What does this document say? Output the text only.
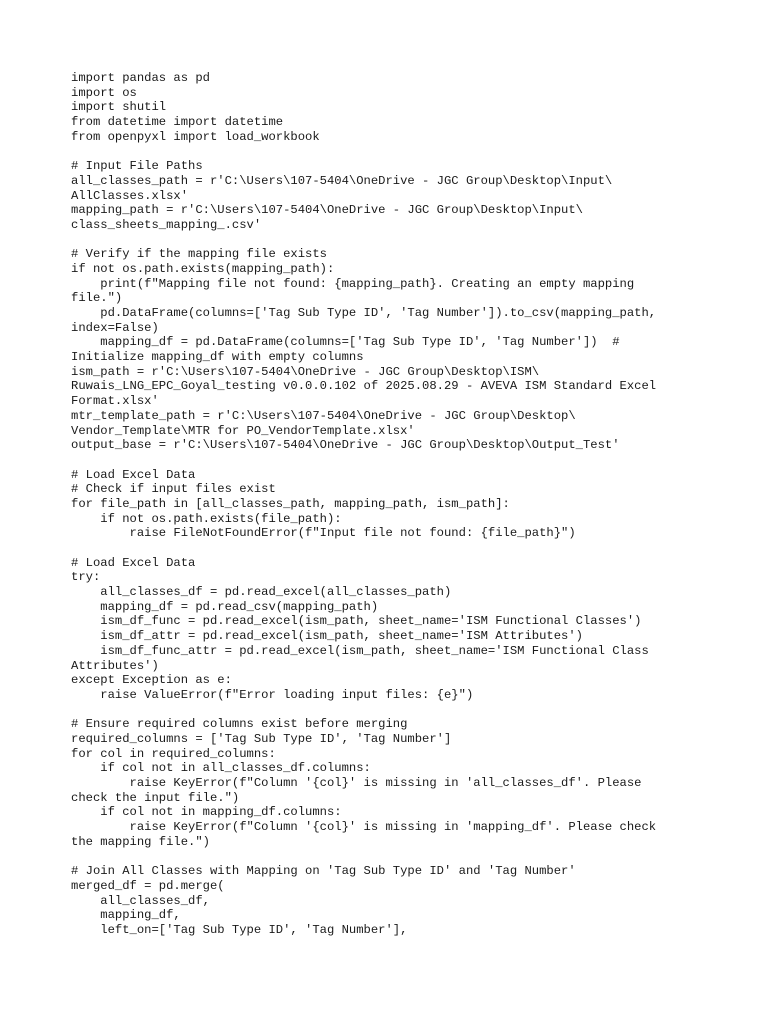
import pandas as pd
import os
import shutil
from datetime import datetime
from openpyxl import load_workbook
# Input File Paths
all_classes_path = r'C:\Users\107-5404\OneDrive - JGC Group\Desktop\Input\
AllClasses.xlsx'
mapping_path = r'C:\Users\107-5404\OneDrive - JGC Group\Desktop\Input\
class_sheets_mapping_.csv'
# Verify if the mapping file exists
if not os.path.exists(mapping_path):
print(f"Mapping file not found: {mapping_path}. Creating an empty mapping
file.")
pd.DataFrame(columns=['Tag Sub Type ID', 'Tag Number']).to_csv(mapping_path,
index=False)
mapping_df = pd.DataFrame(columns=['Tag Sub Type ID', 'Tag Number'])  #
Initialize mapping_df with empty columns
ism_path = r'C:\Users\107-5404\OneDrive - JGC Group\Desktop\ISM\
Ruwais_LNG_EPC_Goyal_testing v0.0.0.102 of 2025.08.29 - AVEVA ISM Standard Excel
Format.xlsx'
mtr_template_path = r'C:\Users\107-5404\OneDrive - JGC Group\Desktop\
Vendor_Template\MTR for PO_VendorTemplate.xlsx'
output_base = r'C:\Users\107-5404\OneDrive - JGC Group\Desktop\Output_Test'
# Load Excel Data
# Check if input files exist
for file_path in [all_classes_path, mapping_path, ism_path]:
if not os.path.exists(file_path):
raise FileNotFoundError(f"Input file not found: {file_path}")
# Load Excel Data
try:
all_classes_df = pd.read_excel(all_classes_path)
mapping_df = pd.read_csv(mapping_path)
ism_df_func = pd.read_excel(ism_path, sheet_name='ISM Functional Classes')
ism_df_attr = pd.read_excel(ism_path, sheet_name='ISM Attributes')
ism_df_func_attr = pd.read_excel(ism_path, sheet_name='ISM Functional Class
Attributes')
except Exception as e:
raise ValueError(f"Error loading input files: {e}")
# Ensure required columns exist before merging
required_columns = ['Tag Sub Type ID', 'Tag Number']
for col in required_columns:
if col not in all_classes_df.columns:
raise KeyError(f"Column '{col}' is missing in 'all_classes_df'. Please
check the input file.")
if col not in mapping_df.columns:
raise KeyError(f"Column '{col}' is missing in 'mapping_df'. Please check
the mapping file.")
# Join All Classes with Mapping on 'Tag Sub Type ID' and 'Tag Number'
merged_df = pd.merge(
all_classes_df,
mapping_df,
left_on=['Tag Sub Type ID', 'Tag Number'],
